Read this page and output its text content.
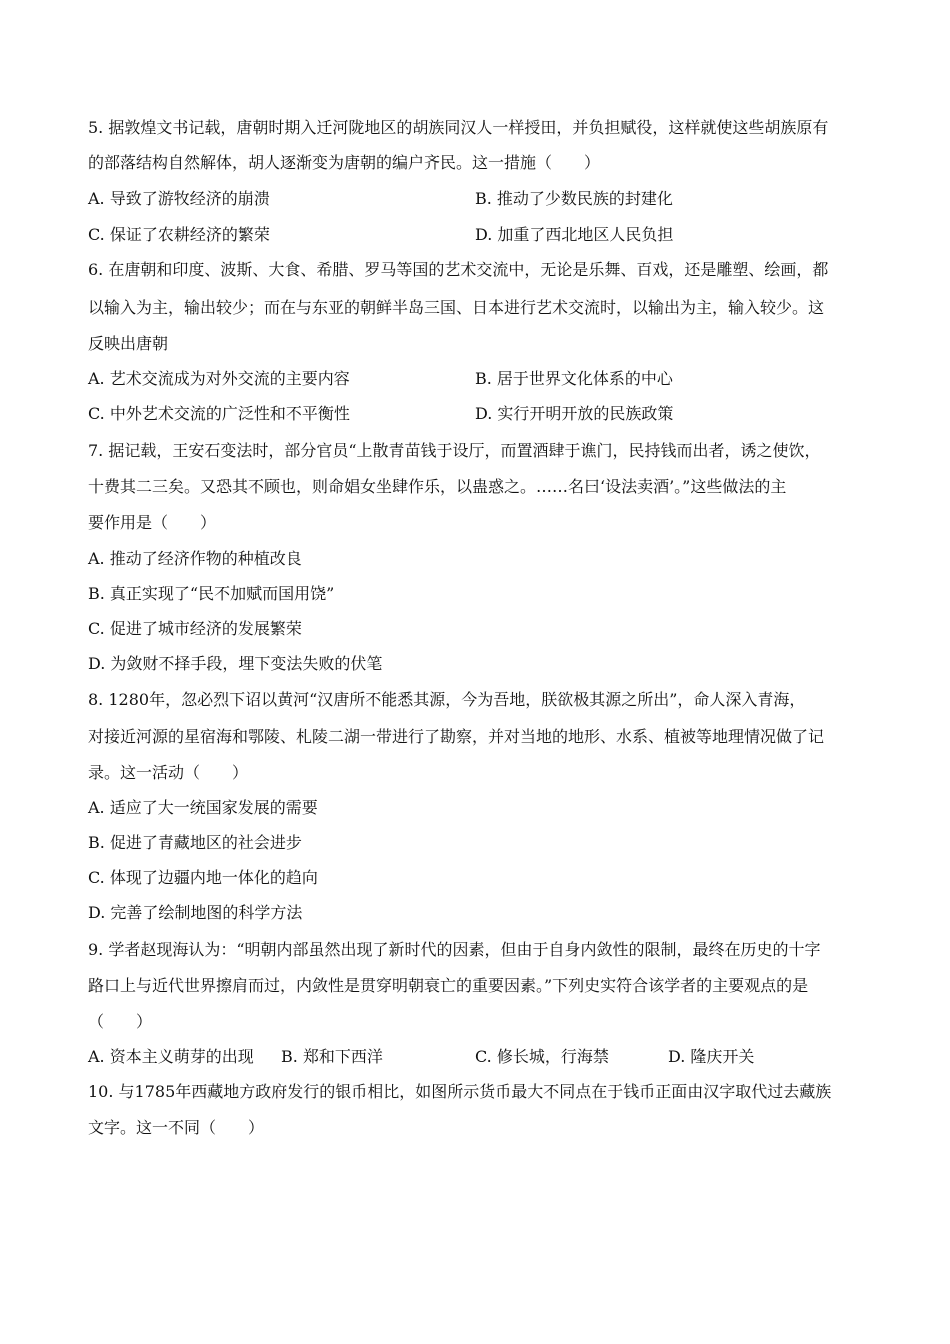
5. 据敦煌文书记载，唐朝时期入迁河陇地区的胡族同汉人一样授田，并负担赋役，这样就使这些胡族原有
的部落结构自然解体，胡人逐渐变为唐朝的编户齐民。这一措施（　　）
A. 导致了游牧经济的崩溃	B. 推动了少数民族的封建化
C. 保证了农耕经济的繁荣	D. 加重了西北地区人民负担
6. 在唐朝和印度、波斯、大食、希腊、罗马等国的艺术交流中，无论是乐舞、百戏，还是雕塑、绘画，都
以输入为主，输出较少；而在与东亚的朝鲜半岛三国、日本进行艺术交流时，以输出为主，输入较少。这
反映出唐朝
A. 艺术交流成为对外交流的主要内容	B. 居于世界文化体系的中心
C. 中外艺术交流的广泛性和不平衡性	D. 实行开明开放的民族政策
7. 据记载，王安石变法时，部分官员“上散青苗钱于设厅，而置酒肆于谯门，民持钱而出者，诱之使饮，
十费其二三矣。又恐其不顾也，则命娼女坐肆作乐，以蛊惑之。……名曰‘设法卖酒’。”这些做法的主
要作用是（　　）
A. 推动了经济作物的种植改良
B. 真正实现了“民不加赋而国用饶”
C. 促进了城市经济的发展繁荣
D. 为敛财不择手段，埋下变法失败的伏笔
8. 1280年，忽必烈下诏以黄河“汉唐所不能悉其源，今为吾地，朕欲极其源之所出”，命人深入青海，
对接近河源的星宿海和鄂陵、札陵二湖一带进行了勘察，并对当地的地形、水系、植被等地理情况做了记
录。这一活动（　　）
A. 适应了大一统国家发展的需要
B. 促进了青藏地区的社会进步
C. 体现了边疆内地一体化的趋向
D. 完善了绘制地图的科学方法
9. 学者赵现海认为：“明朝内部虽然出现了新时代的因素，但由于自身内敛性的限制，最终在历史的十字
路口上与近代世界擦肩而过，内敛性是贯穿明朝衰亡的重要因素。”下列史实符合该学者的主要观点的是
（　　）
A. 资本主义萌芽的出现 B. 郑和下西洋	C. 修长城，行海禁	D. 隆庆开关
10. 与1785年西藏地方政府发行的银币相比，如图所示货币最大不同点在于钱币正面由汉字取代过去藏族
文字。这一不同（　　）
